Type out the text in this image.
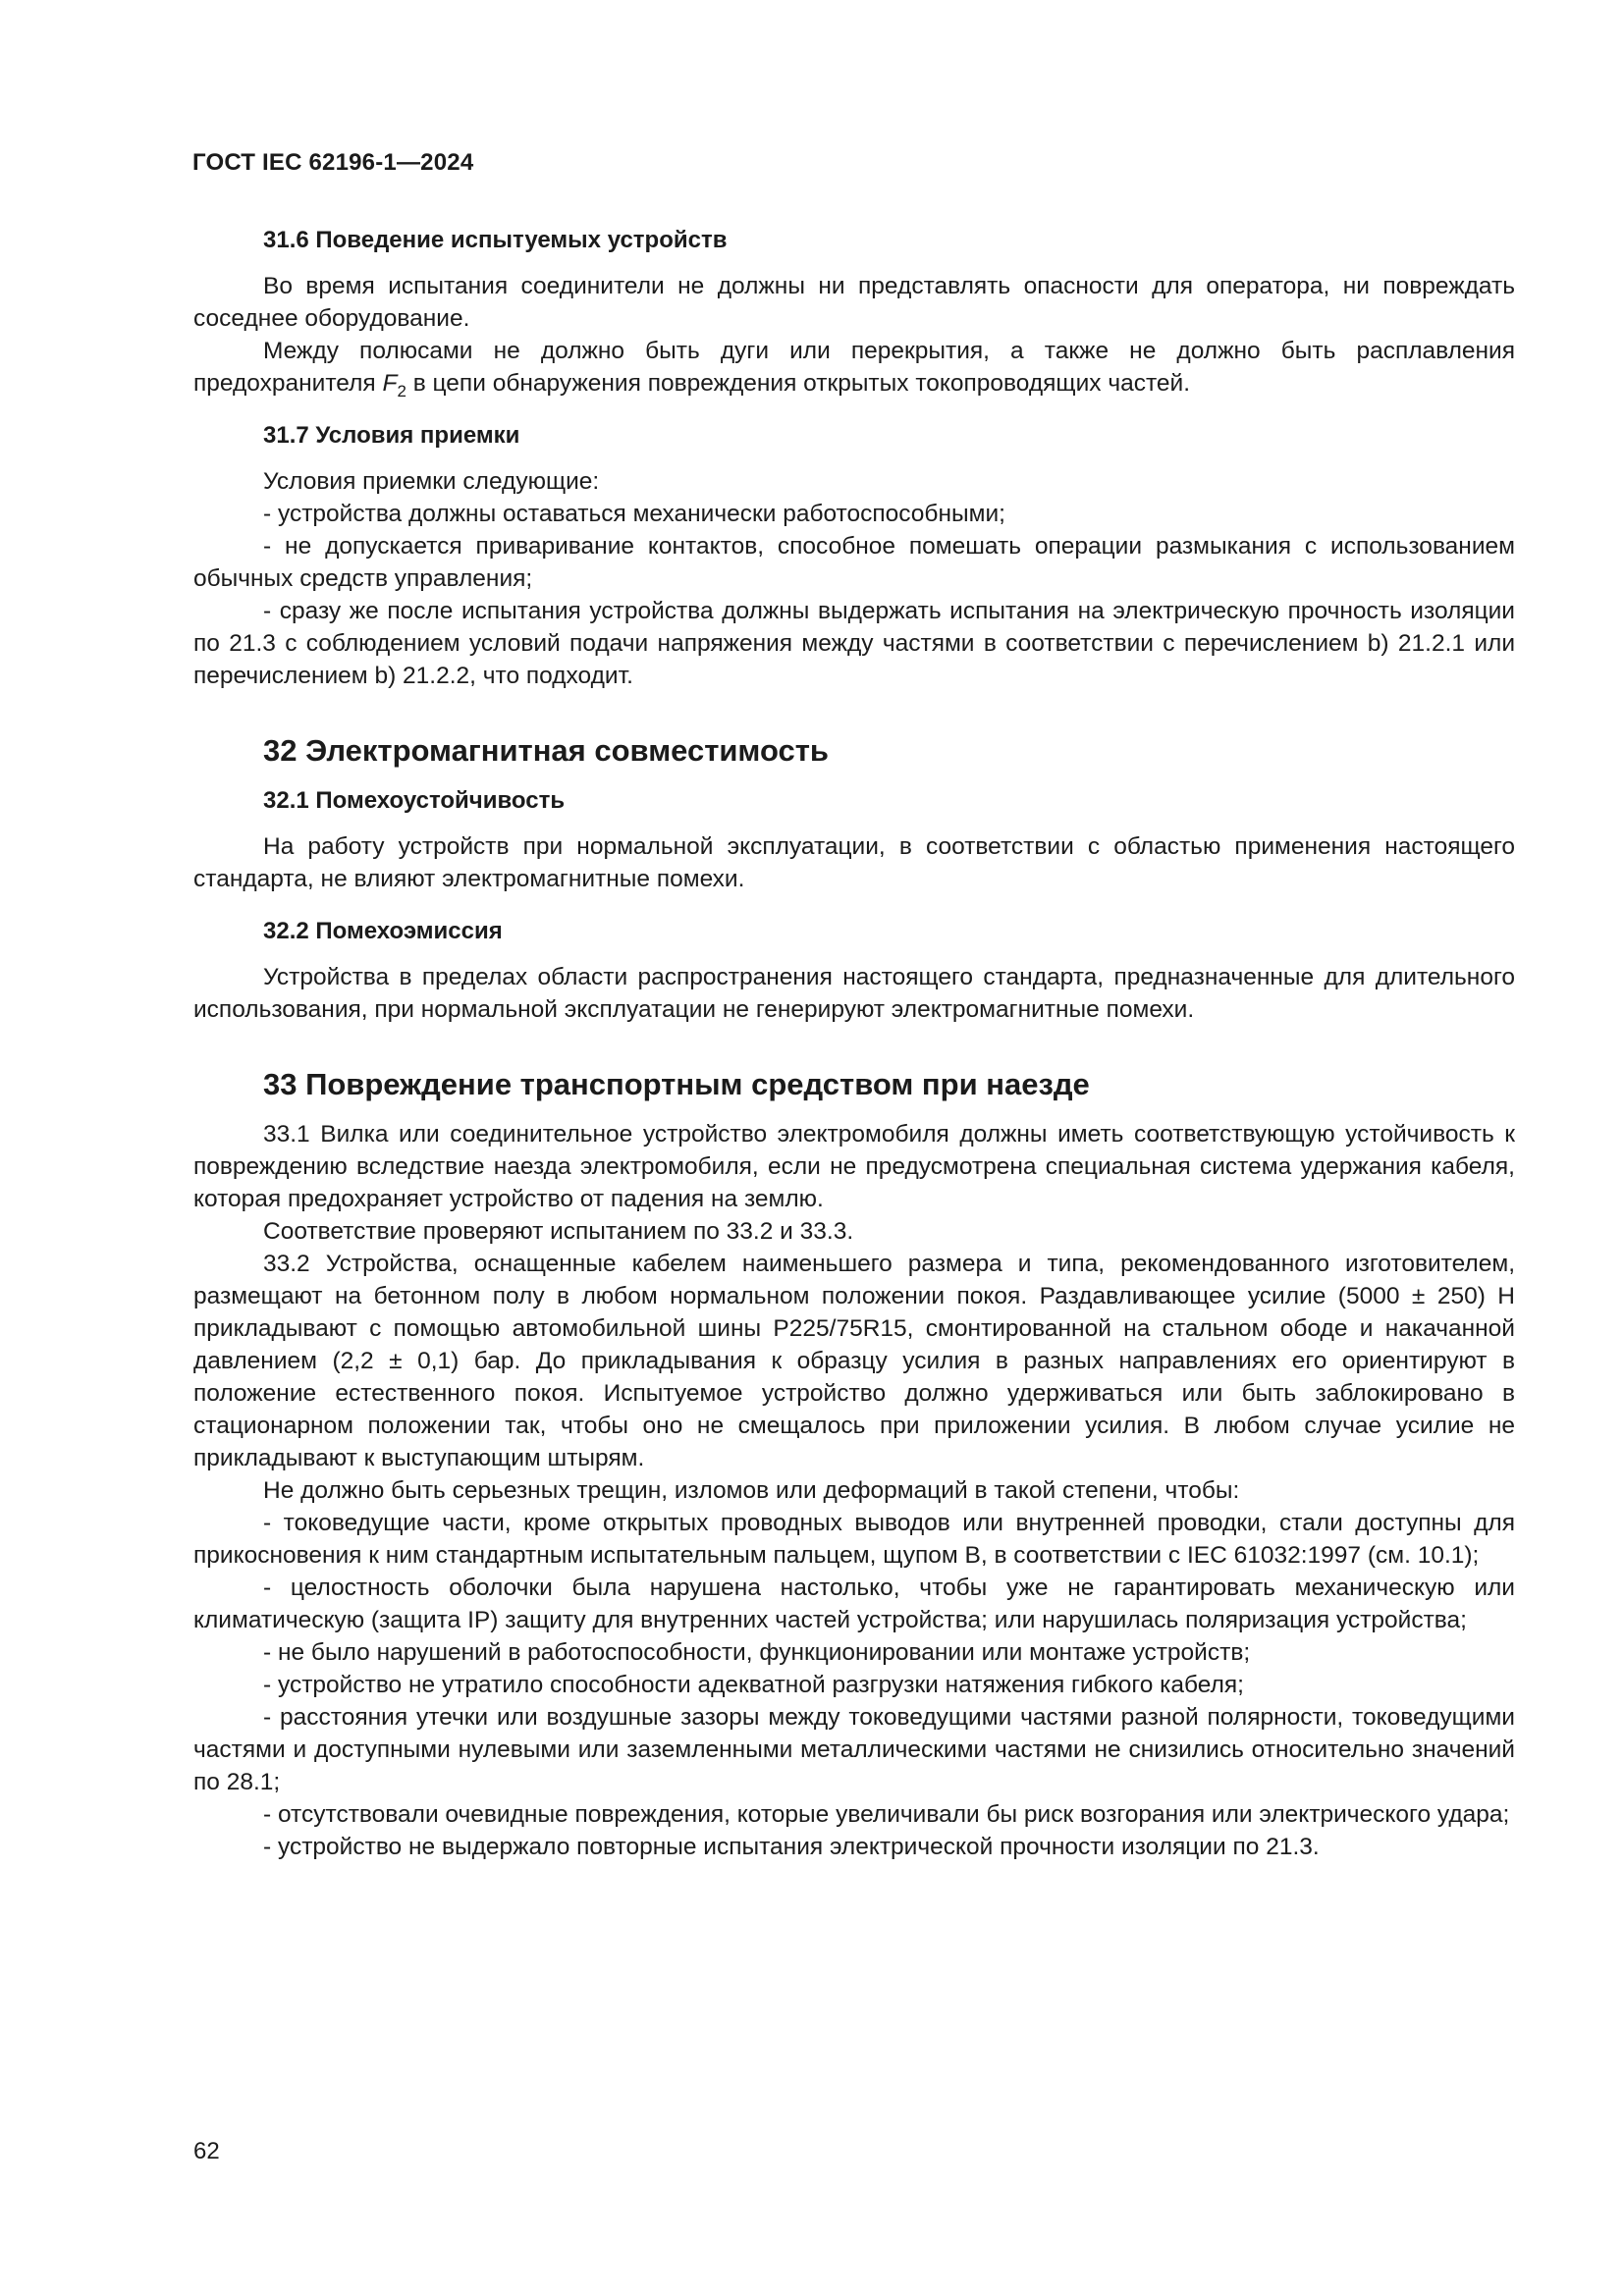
ГОСТ IEC 62196-1—2024
31.6 Поведение испытуемых устройств

Во время испытания соединители не должны ни представлять опасности для оператора, ни повреждать соседнее оборудование.

Между полюсами не должно быть дуги или перекрытия, а также не должно быть расплавления предохранителя $F_2$ в цепи обнаружения повреждения открытых токопроводящих частей.

31.7 Условия приемки

Условия приемки следующие:

- устройства должны оставаться механически работоспособными;

- не допускается приваривание контактов, способное помешать операции размыкания с использованием обычных средств управления;

- сразу же после испытания устройства должны выдержать испытания на электрическую прочность изоляции по 21.3 с соблюдением условий подачи напряжения между частями в соответствии с перечислением b) 21.2.1 или перечислением b) 21.2.2, что подходит.

32 Электромагнитная совместимость
32.1 Помехоустойчивость

На работу устройств при нормальной эксплуатации, в соответствии с областью применения настоящего стандарта, не влияют электромагнитные помехи.

32.2 Помехоэмиссия

Устройства в пределах области распространения настоящего стандарта, предназначенные для длительного использования, при нормальной эксплуатации не генерируют электромагнитные помехи.

33 Повреждение транспортным средством при наезде

33.1 Вилка или соединительное устройство электромобиля должны иметь соответствующую устойчивость к повреждению вследствие наезда электромобиля, если не предусмотрена специальная система удержания кабеля, которая предохраняет устройство от падения на землю.

Соответствие проверяют испытанием по 33.2 и 33.3.

33.2 Устройства, оснащенные кабелем наименьшего размера и типа, рекомендованного изготовителем, размещают на бетонном полу в любом нормальном положении покоя. Раздавливающее усилие (5000 ± 250) Н прикладывают с помощью автомобильной шины P225/75R15, смонтированной на стальном ободе и накачанной давлением (2,2 ± 0,1) бар. До прикладывания к образцу усилия в разных направлениях его ориентируют в положение естественного покоя. Испытуемое устройство должно удерживаться или быть заблокировано в стационарном положении так, чтобы оно не смещалось при приложении усилия. В любом случае усилие не прикладывают к выступающим штырям.

Не должно быть серьезных трещин, изломов или деформаций в такой степени, чтобы:

- токоведущие части, кроме открытых проводных выводов или внутренней проводки, стали доступны для прикосновения к ним стандартным испытательным пальцем, щупом B, в соответствии с IEC 61032:1997 (см. 10.1);

- целостность оболочки была нарушена настолько, чтобы уже не гарантировать механическую или климатическую (защита IP) защиту для внутренних частей устройства; или нарушилась поляризация устройства;

- не было нарушений в работоспособности, функционировании или монтаже устройств;

- устройство не утратило способности адекватной разгрузки натяжения гибкого кабеля;

- расстояния утечки или воздушные зазоры между токоведущими частями разной полярности, токоведущими частями и доступными нулевыми или заземленными металлическими частями не снизились относительно значений по 28.1;

- отсутствовали очевидные повреждения, которые увеличивали бы риск возгорания или электрического удара;

- устройство не выдержало повторные испытания электрической прочности изоляции по 21.3.

62
